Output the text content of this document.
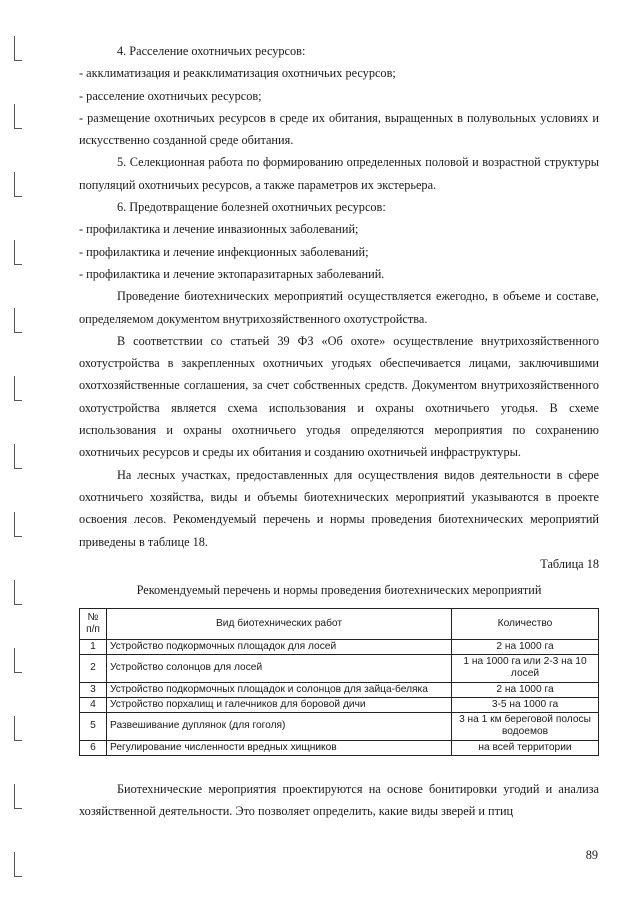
4. Расселение охотничьих ресурсов:

- акклиматизация и реакклиматизация охотничьих ресурсов;

- расселение охотничьих ресурсов;

- размещение охотничьих ресурсов в среде их обитания, выращенных в полувольных условиях и искусственно созданной среде обитания.

5. Селекционная работа по формированию определенных половой и возрастной структуры популяций охотничьих ресурсов, а также параметров их экстерьера.

6. Предотвращение болезней охотничьих ресурсов:

- профилактика и лечение инвазионных заболеваний;

- профилактика и лечение инфекционных заболеваний;

- профилактика и лечение эктопаразитарных заболеваний.

Проведение биотехнических мероприятий осуществляется ежегодно, в объеме и составе, определяемом документом внутрихозяйственного охотустройства.

В соответствии со статьей 39 ФЗ «Об охоте» осуществление внутрихозяйственного охотустройства в закрепленных охотничьих угодьях обеспечивается лицами, заключившими охотхозяйственные соглашения, за счет собственных средств. Документом внутрихозяйственного охотустройства является схема использования и охраны охотничьего угодья. В схеме использования и охраны охотничьего угодья определяются мероприятия по сохранению охотничьих ресурсов и среды их обитания и созданию охотничьей инфраструктуры.

На лесных участках, предоставленных для осуществления видов деятельности в сфере охотничьего хозяйства, виды и объемы биотехнических мероприятий указываются в проекте освоения лесов. Рекомендуемый перечень и нормы проведения биотехнических мероприятий приведены в таблице 18.

Таблица 18
Рекомендуемый перечень и нормы проведения биотехнических мероприятий
№ п/п	Вид биотехнических работ	Количество
1	Устройство подкормочных площадок для лосей	2 на 1000 га
2	Устройство солонцов для лосей	1 на 1000 га или 2-3 на 10 лосей
3	Устройство подкормочных площадок и солонцов для зайца-беляка	2 на 1000 га
4	Устройство порхалищ и галечников для боровой дичи	3-5 на 1000 га
5	Развешивание дуплянок (для гоголя)	3 на 1 км береговой полосы водоемов
6	Регулирование численности вредных хищников	на всей территории

Биотехнические мероприятия проектируются на основе бонитировки угодий и анализа хозяйственной деятельности. Это позволяет определить, какие виды зверей и птиц

89
